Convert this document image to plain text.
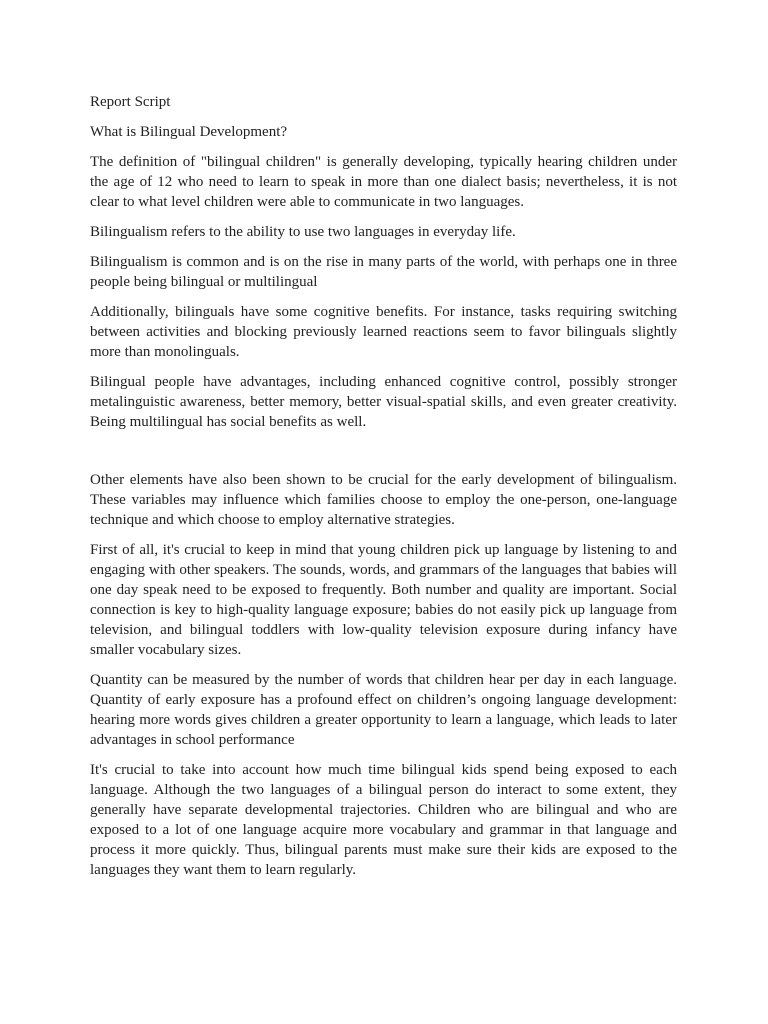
Report Script
What is Bilingual Development?
The definition of "bilingual children" is generally developing, typically hearing children under the age of 12 who need to learn to speak in more than one dialect basis; nevertheless, it is not clear to what level children were able to communicate in two languages.
Bilingualism refers to the ability to use two languages in everyday life.
Bilingualism is common and is on the rise in many parts of the world, with perhaps one in three people being bilingual or multilingual
Additionally, bilinguals have some cognitive benefits. For instance, tasks requiring switching between activities and blocking previously learned reactions seem to favor bilinguals slightly more than monolinguals.
Bilingual people have advantages, including enhanced cognitive control, possibly stronger metalinguistic awareness, better memory, better visual-spatial skills, and even greater creativity. Being multilingual has social benefits as well.
Other elements have also been shown to be crucial for the early development of bilingualism. These variables may influence which families choose to employ the one-person, one-language technique and which choose to employ alternative strategies.
First of all, it's crucial to keep in mind that young children pick up language by listening to and engaging with other speakers. The sounds, words, and grammars of the languages that babies will one day speak need to be exposed to frequently. Both number and quality are important. Social connection is key to high-quality language exposure; babies do not easily pick up language from television, and bilingual toddlers with low-quality television exposure during infancy have smaller vocabulary sizes.
Quantity can be measured by the number of words that children hear per day in each language. Quantity of early exposure has a profound effect on children’s ongoing language development: hearing more words gives children a greater opportunity to learn a language, which leads to later advantages in school performance
It's crucial to take into account how much time bilingual kids spend being exposed to each language. Although the two languages of a bilingual person do interact to some extent, they generally have separate developmental trajectories. Children who are bilingual and who are exposed to a lot of one language acquire more vocabulary and grammar in that language and process it more quickly. Thus, bilingual parents must make sure their kids are exposed to the languages they want them to learn regularly.
